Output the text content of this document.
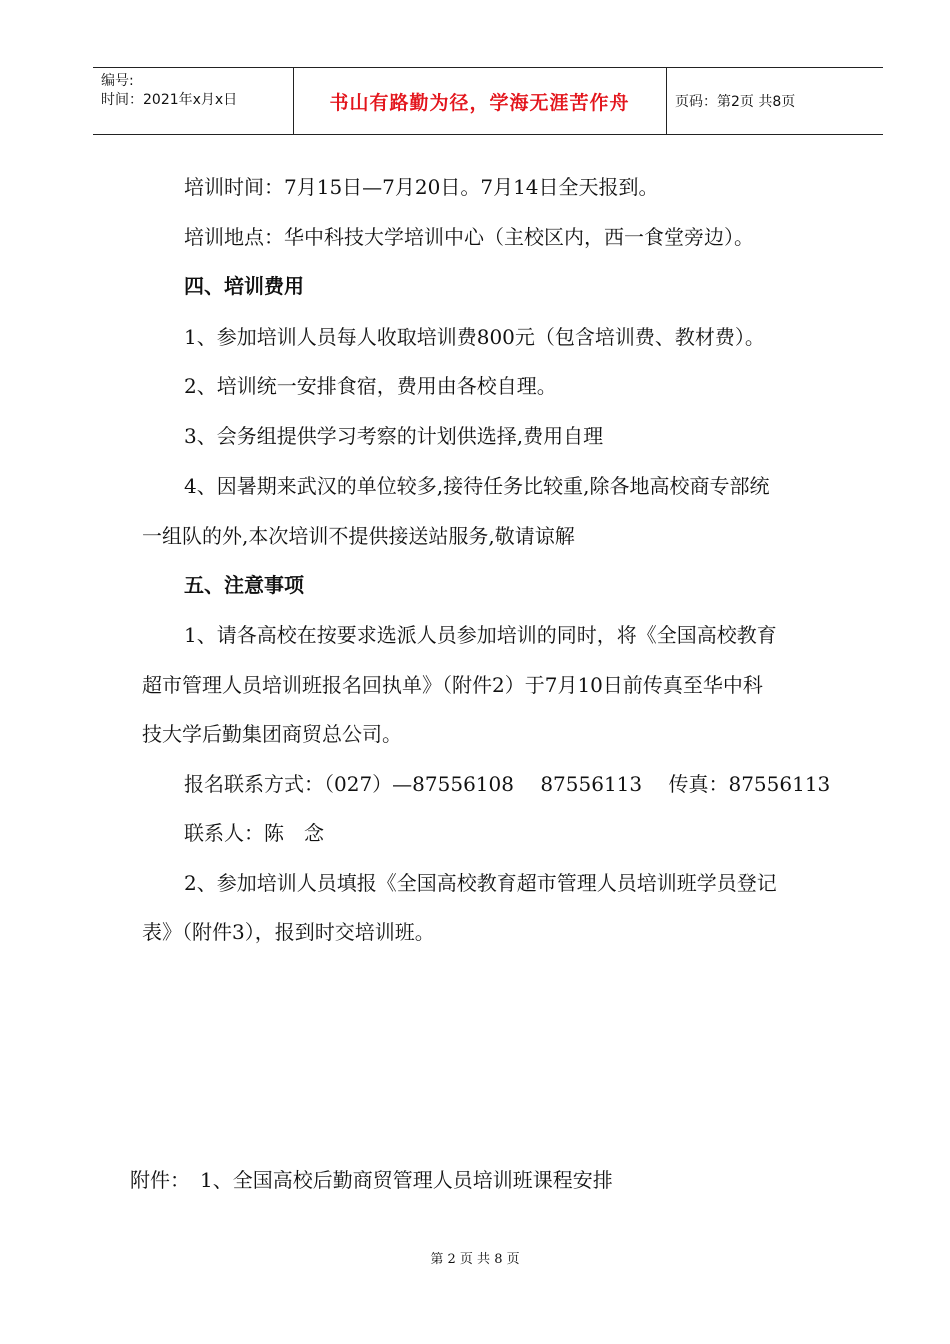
编号:
时间：2021年x月x日	书山有路勤为径，学海无涯苦作舟	页码：第2页 共8页
培训时间：7月15日—7月20日。7月14日全天报到。
培训地点：华中科技大学培训中心（主校区内，西一食堂旁边）。
四、培训费用
1、参加培训人员每人收取培训费800元（包含培训费、教材费）。
2、培训统一安排食宿，费用由各校自理。
3、会务组提供学习考察的计划供选择,费用自理
4、因暑期来武汉的单位较多,接待任务比较重,除各地高校商专部统
一组队的外,本次培训不提供接送站服务,敬请谅解
五、注意事项
1、请各高校在按要求选派人员参加培训的同时，将《全国高校教育
超市管理人员培训班报名回执单》（附件2）于7月10日前传真至华中科
技大学后勤集团商贸总公司。
报名联系方式：（027）—87556108　 87556113　 传真：87556113
联系人：陈　念
2、参加培训人员填报《全国高校教育超市管理人员培训班学员登记
表》（附件3），报到时交培训班。
附件：　1、全国高校后勤商贸管理人员培训班课程安排
第 2 页 共 8 页
